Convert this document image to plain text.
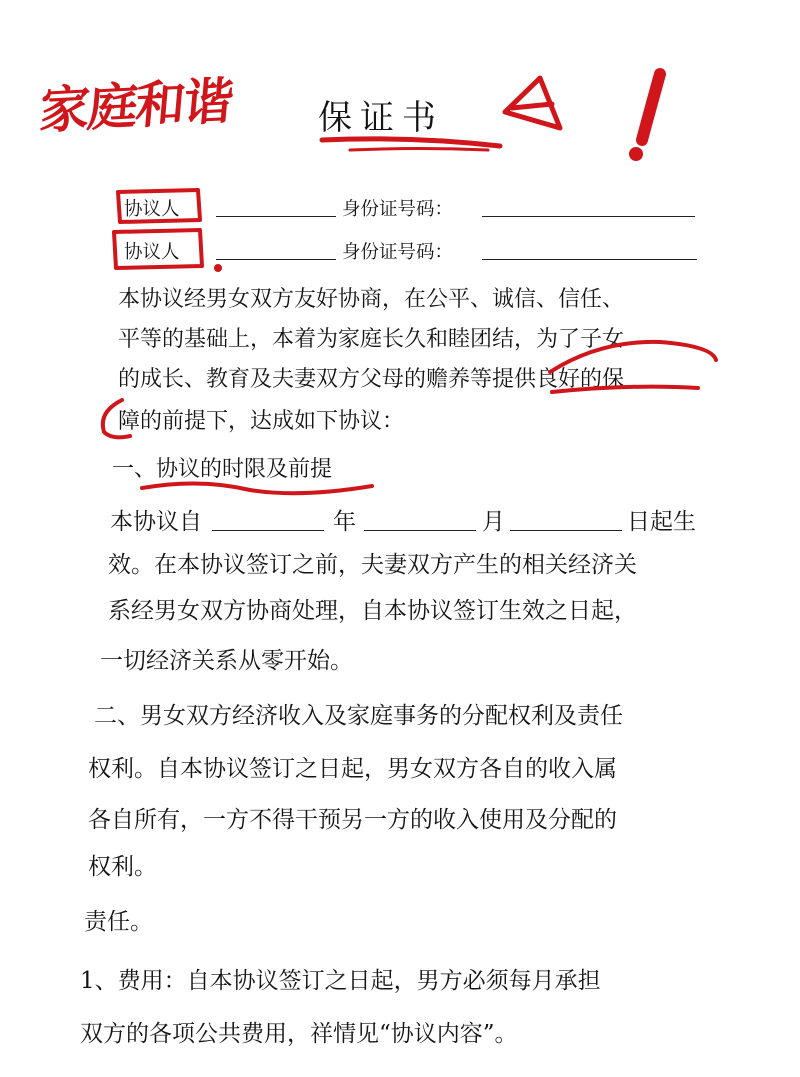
家庭和谐 保证书
协议人	身份证号码：
协议人	身份证号码：
本协议经男女双方友好协商，在公平、诚信、信任、
平等的基础上，本着为家庭长久和睦团结，为了子女
的成长、教育及夫妻双方父母的赡养等提供良好的保
障的前提下，达成如下协议：
一、协议的时限及前提
本协议自	年	月	日起生
效。在本协议签订之前，夫妻双方产生的相关经济关
系经男女双方协商处理，自本协议签订生效之日起，
一切经济关系从零开始。
二、男女双方经济收入及家庭事务的分配权利及责任
权利。自本协议签订之日起，男女双方各自的收入属
各自所有，一方不得干预另一方的收入使用及分配的
权利。
责任。
1、费用：自本协议签订之日起，男方必须每月承担
双方的各项公共费用，祥情见“协议内容”。
